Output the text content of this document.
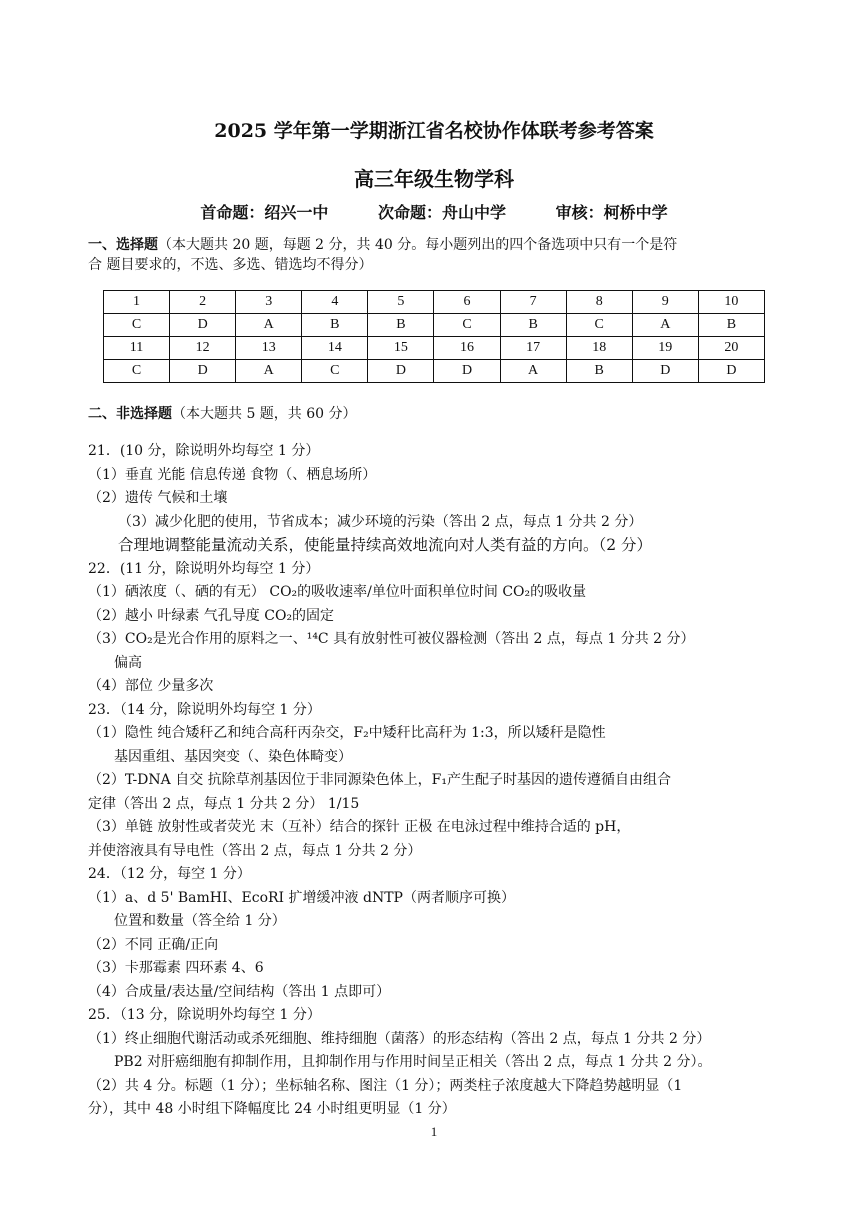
2025 学年第一学期浙江省名校协作体联考参考答案
高三年级生物学科
首命题：绍兴一中	次命题：舟山中学	审核：柯桥中学
一、选择题（本大题共 20 题，每题 2 分，共 40 分。每小题列出的四个备选项中只有一个是符
合 题目要求的，不选、多选、错选均不得分）
1	2	3	4	5	6	7	8	9	10
C	D	A	B	B	C	B	C	A	B
11	12	13	14	15	16	17	18	19	20
C	D	A	C	D	D	A	B	D	D
二、非选择题（本大题共 5 题，共 60 分）
21．(10 分，除说明外均每空 1 分）
（1）垂直 光能 信息传递 食物（、栖息场所）
（2）遗传 气候和土壤
（3）减少化肥的使用，节省成本；减少环境的污染（答出 2 点，每点 1 分共 2 分）
合理地调整能量流动关系，使能量持续高效地流向对人类有益的方向。（2 分）
22．(11 分，除说明外均每空 1 分）
（1）硒浓度（、硒的有无） CO₂的吸收速率/单位叶面积单位时间 CO₂的吸收量
（2）越小 叶绿素 气孔导度 CO₂的固定
（3）CO₂是光合作用的原料之一、¹⁴C 具有放射性可被仪器检测（答出 2 点，每点 1 分共 2 分）
偏高
（4）部位 少量多次
23．（14 分，除说明外均每空 1 分）
（1）隐性 纯合矮秆乙和纯合高秆丙杂交，F₂中矮秆比高秆为 1:3，所以矮秆是隐性
基因重组、基因突变（、染色体畸变）
（2）T-DNA 自交 抗除草剂基因位于非同源染色体上，F₁产生配子时基因的遗传遵循自由组合
定律（答出 2 点，每点 1 分共 2 分） 1/15
（3）单链 放射性或者荧光 末（互补）结合的探针 正极 在电泳过程中维持合适的 pH，
并使溶液具有导电性（答出 2 点，每点 1 分共 2 分）
24．（12 分，每空 1 分）
（1）a、d 5' BamHI、EcoRI 扩增缓冲液 dNTP（两者顺序可换）
位置和数量（答全给 1 分）
（2）不同 正确/正向
（3）卡那霉素 四环素 4、6
（4）合成量/表达量/空间结构（答出 1 点即可）
25．（13 分，除说明外均每空 1 分）
（1）终止细胞代谢活动或杀死细胞、维持细胞（菌落）的形态结构（答出 2 点，每点 1 分共 2 分）
PB2 对肝癌细胞有抑制作用，且抑制作用与作用时间呈正相关（答出 2 点，每点 1 分共 2 分）。
（2）共 4 分。标题（1 分）；坐标轴名称、图注（1 分）；两类柱子浓度越大下降趋势越明显（1
分），其中 48 小时组下降幅度比 24 小时组更明显（1 分）
1
